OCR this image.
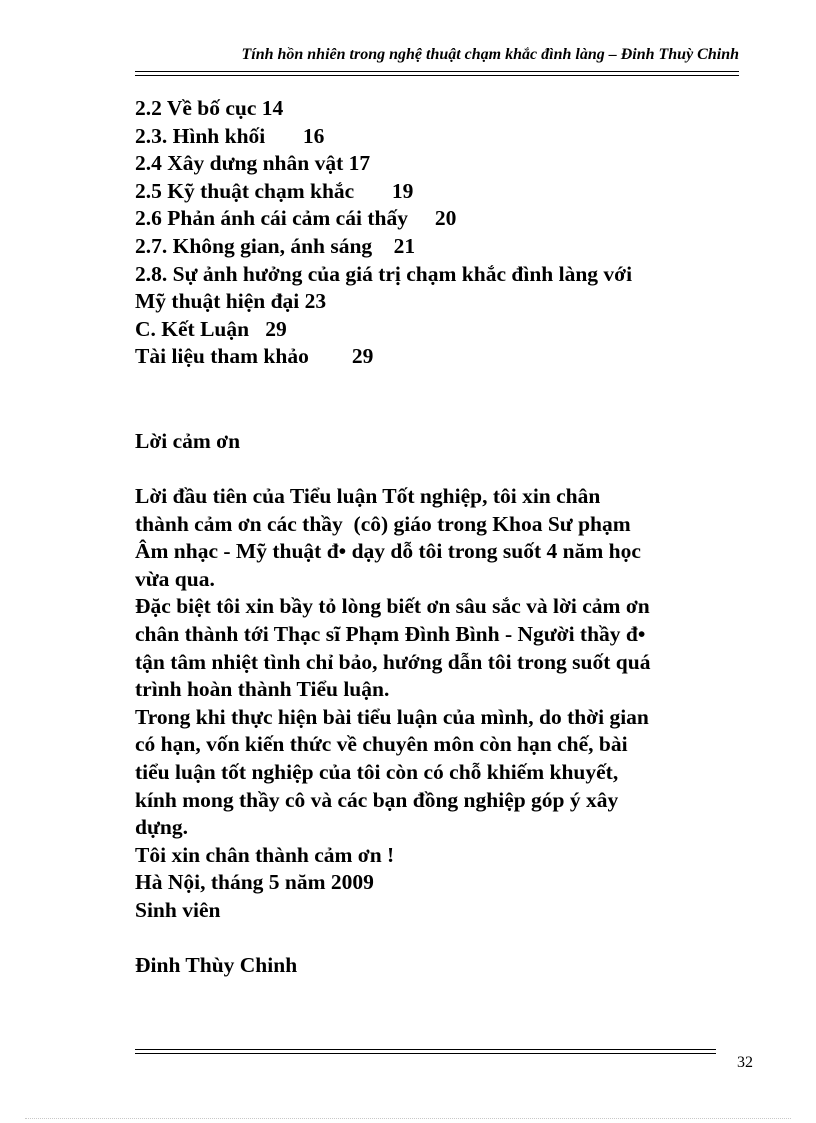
Tính hồn nhiên trong nghệ thuật chạm khắc đình làng – Đinh Thuỳ Chinh
2.2 Về bố cục 14
2.3. Hình khối       16
2.4 Xây dưng nhân vật 17
2.5 Kỹ thuật chạm khắc       19
2.6 Phản ánh cái cảm cái thấy     20
2.7. Không gian, ánh sáng    21
2.8. Sự ảnh hưởng của giá trị chạm khắc đình làng với
Mỹ thuật hiện đại 23
C. Kết Luận   29
Tài liệu tham khảo        29
Lời cảm ơn
Lời đầu tiên của Tiểu luận Tốt nghiệp, tôi xin chân
thành cảm ơn các thầy  (cô) giáo trong Khoa Sư phạm
Âm nhạc - Mỹ thuật đ• dạy dỗ tôi trong suốt 4 năm học
vừa qua.
Đặc biệt tôi xin bầy tỏ lòng biết ơn sâu sắc và lời cảm ơn
chân thành tới Thạc sĩ Phạm Đình Bình - Người thầy đ•
tận tâm nhiệt tình chỉ bảo, hướng dẫn tôi trong suốt quá
trình hoàn thành Tiểu luận.
Trong khi thực hiện bài tiểu luận của mình, do thời gian
có hạn, vốn kiến thức về chuyên môn còn hạn chế, bài
tiểu luận tốt nghiệp của tôi còn có chỗ khiếm khuyết,
kính mong thầy cô và các bạn đồng nghiệp góp ý xây
dựng.
Tôi xin chân thành cảm ơn !
Hà Nội, tháng 5 năm 2009
Sinh viên

Đinh Thùy Chinh
32
